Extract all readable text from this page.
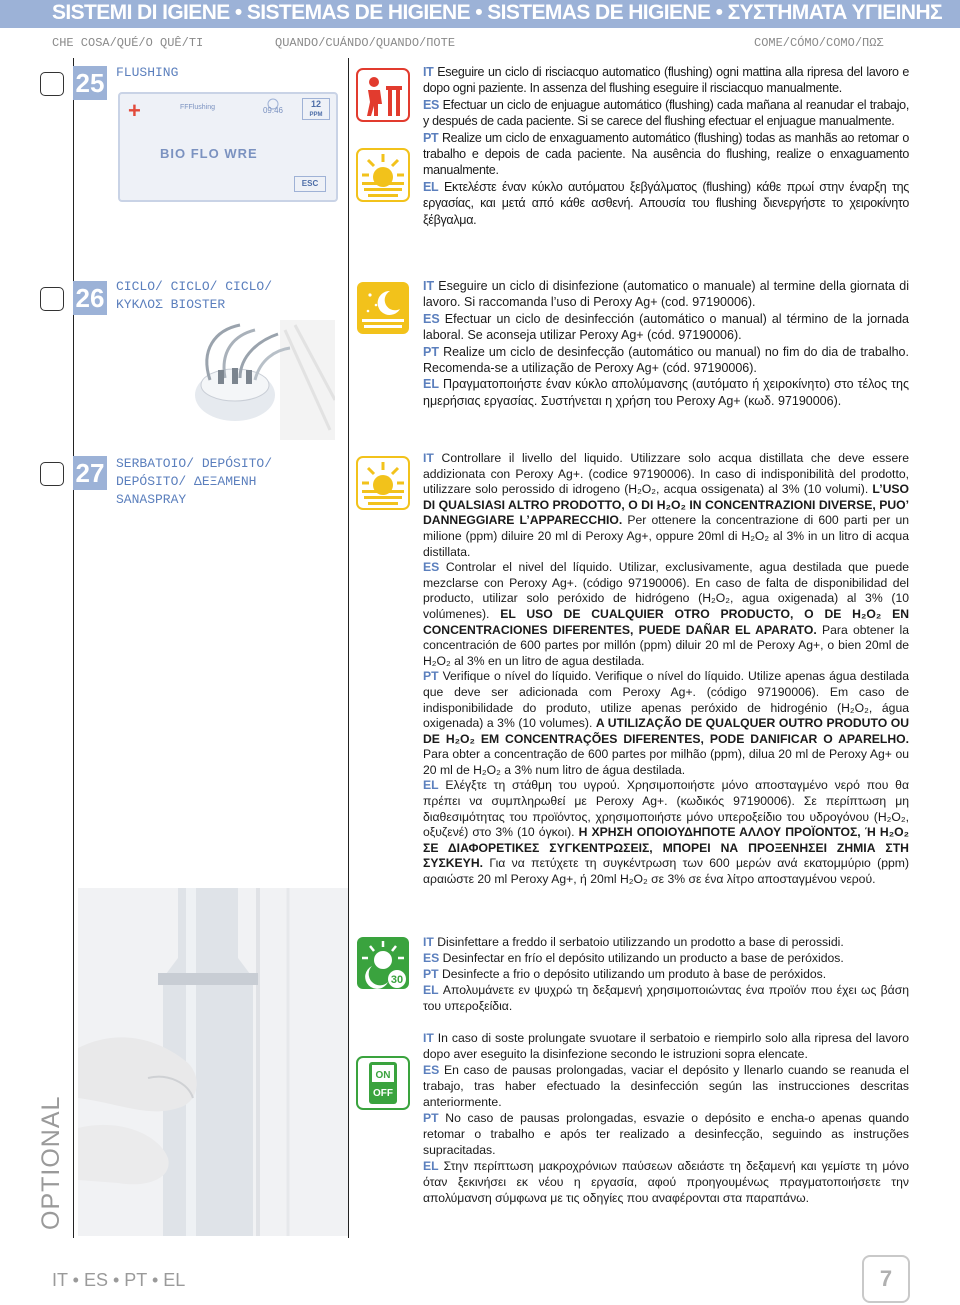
SISTEMI DI IGIENE • SISTEMAS DE HIGIENE • SISTEMAS DE HIGIENE • ΣΥΣΤΗΜΑΤΑ ΥΓΙΕΙΝΗΣ
CHE COSA/QUÉ/O QUÊ/ΤΙ	QUANDO/CUÁNDO/QUANDO/ΠΟΤΕ	COME/CÓMO/COMO/ΠΩΣ
25 FLUSHING
+	FFFlushing	09:46
12
PPM
BIO FLO WRE
ESC
26 CICLO/ CICLO/ CICLO/ ΚΥΚΛΟΣ BIOSTER
27 SERBATOIO/ DEPÓSITO/ DEPÓSITO/ ΔΕΞΑΜΕΝΗ SANASPRAY
30
ON
OFF

IT Eseguire un ciclo di risciacquo automatico (flushing) ogni mattina alla ripresa del lavoro e dopo ogni paziente. In assenza del flushing eseguire il risciacquo manualmente.

ES Efectuar un ciclo de enjuague automático (flushing) cada mañana al reanudar el trabajo, y después de cada paciente. Si se carece del flushing efectuar el enjuague manualmente.

PT Realize um ciclo de enxaguamento automático (flushing) todas as manhãs ao retomar o trabalho e depois de cada paciente. Na ausência do flushing, realize o enxaguamento manualmente.

EL Εκτελέστε έναν κύκλο αυτόματου ξεβγάλματος (flushing) κάθε πρωί στην έναρξη της εργασίας, και μετά από κάθε ασθενή. Απουσία του flushing διενεργήστε το χειροκίνητο ξέβγαλμα.

IT Eseguire un ciclo di disinfezione (automatico o manuale) al termine della giornata di lavoro. Si raccomanda l’uso di Peroxy Ag+ (cod. 97190006).

ES Efectuar un ciclo de desinfección (automático o manual) al término de la jornada laboral. Se aconseja utilizar Peroxy Ag+ (cód. 97190006).

PT Realize um ciclo de desinfecção (automático ou manual) no fim do dia de trabalho. Recomenda-se a utilização de Peroxy Ag+ (cód. 97190006).

EL Πραγματοποιήστε έναν κύκλο απολύμανσης (αυτόματο ή χειροκίνητο) στο τέλος της ημερήσιας εργασίας. Συστήνεται η χρήση του Peroxy Ag+ (κωδ. 97190006).

IT Controllare il livello del liquido. Utilizzare solo acqua distillata che deve essere addizionata con Peroxy Ag+. (codice 97190006). In caso di indisponibilità del prodotto, utilizzare solo perossido di idrogeno (H₂O₂, acqua ossigenata) al 3% (10 volumi). L’USO DI QUALSIASI ALTRO PRODOTTO, O DI H₂O₂ IN CONCENTRAZIONI DIVERSE, PUO’ DANNEGGIARE L’APPARECCHIO. Per ottenere la concentrazione di 600 parti per un milione (ppm) diluire 20 ml di Peroxy Ag+, oppure 20ml di H₂O₂ al 3% in un litro di acqua distillata.

ES Controlar el nivel del líquido. Utilizar, exclusivamente, agua destilada que puede mezclarse con Peroxy Ag+. (código 97190006). En caso de falta de disponibilidad del producto, utilizar solo peróxido de hidrógeno (H₂O₂, agua oxigenada) al 3% (10 volúmenes). EL USO DE CUALQUIER OTRO PRODUCTO, O DE H₂O₂ EN CONCENTRACIONES DIFERENTES, PUEDE DAÑAR EL APARATO. Para obtener la concentración de 600 partes por millón (ppm) diluir 20 ml de Peroxy Ag+, o bien 20ml de H₂O₂ al 3% en un litro de agua destilada.

PT Verifique o nível do líquido. Verifique o nível do líquido. Utilize apenas água destilada que deve ser adicionada com Peroxy Ag+. (código 97190006). Em caso de indisponibilidade do produto, utilize apenas peróxido de hidrogénio (H₂O₂, água oxigenada) a 3% (10 volumes). A UTILIZAÇÃO DE QUALQUER OUTRO PRODUTO OU DE H₂O₂ EM CONCENTRAÇÕES DIFERENTES, PODE DANIFICAR O APARELHO. Para obter a concentração de 600 partes por milhão (ppm), dilua 20 ml de Peroxy Ag+ ou 20 ml de H₂O₂ a 3% num litro de água destilada.

EL Ελέγξτε τη στάθμη του υγρού. Χρησιμοποιήστε μόνο αποσταγμένο νερό που θα πρέπει να συμπληρωθεί με Peroxy Ag+. (κωδικός 97190006). Σε περίπτωση μη διαθεσιμότητας του προϊόντος, χρησιμοποιήστε μόνο υπεροξείδιο του υδρογόνου (H₂O₂, οξυζενέ) στο 3% (10 όγκοι). Η ΧΡΗΣΗ ΟΠΟΙΟΥΔΗΠΟΤΕ ΑΛΛΟΥ ΠΡΟΪΟΝΤΟΣ, Ή H₂O₂ ΣΕ ΔΙΑΦΟΡΕΤΙΚΕΣ ΣΥΓΚΕΝΤΡΩΣΕΙΣ, ΜΠΟΡΕΙ ΝΑ ΠΡΟΞΕΝΗΣΕΙ ΖΗΜΙΑ ΣΤΗ ΣΥΣΚΕΥΗ. Για να πετύχετε τη συγκέντρωση των 600 μερών ανά εκατομμύριο (ppm) αραιώστε 20 ml Peroxy Ag+, ή 20ml H₂O₂ σε 3% σε ένα λίτρο αποσταγμένου νερού.

IT Disinfettare a freddo il serbatoio utilizzando un prodotto a base di perossidi.

ES Desinfectar en frío el depósito utilizando un producto a base de peróxidos.

PT Desinfecte a frio o depósito utilizando um produto à base de peróxidos.

EL Απολυμάνετε εν ψυχρώ τη δεξαμενή χρησιμοποιώντας ένα προϊόν που έχει ως βάση του υπεροξείδια.

IT In caso di soste prolungate svuotare il serbatoio e riempirlo solo alla ripresa del lavoro dopo aver eseguito la disinfezione secondo le istruzioni sopra elencate.

ES En caso de pausas prolongadas, vaciar el depósito y llenarlo cuando se reanuda el trabajo, tras haber efectuado la desinfección según las instrucciones descritas anteriormente.

PT No caso de pausas prolongadas, esvazie o depósito e encha-o apenas quando retomar o trabalho e após ter realizado a desinfecção, seguindo as instruções supracitadas.

EL Στην περίπτωση μακροχρόνιων παύσεων αδειάστε τη δεξαμενή και γεμίστε τη μόνο όταν ξεκινήσει εκ νέου η εργασία, αφού προηγουμένως πραγματοποιήσετε την απολύμανση σύμφωνα με τις οδηγίες που αναφέρονται στα παραπάνω.

OPTIONAL
IT • ES • PT • EL	7
